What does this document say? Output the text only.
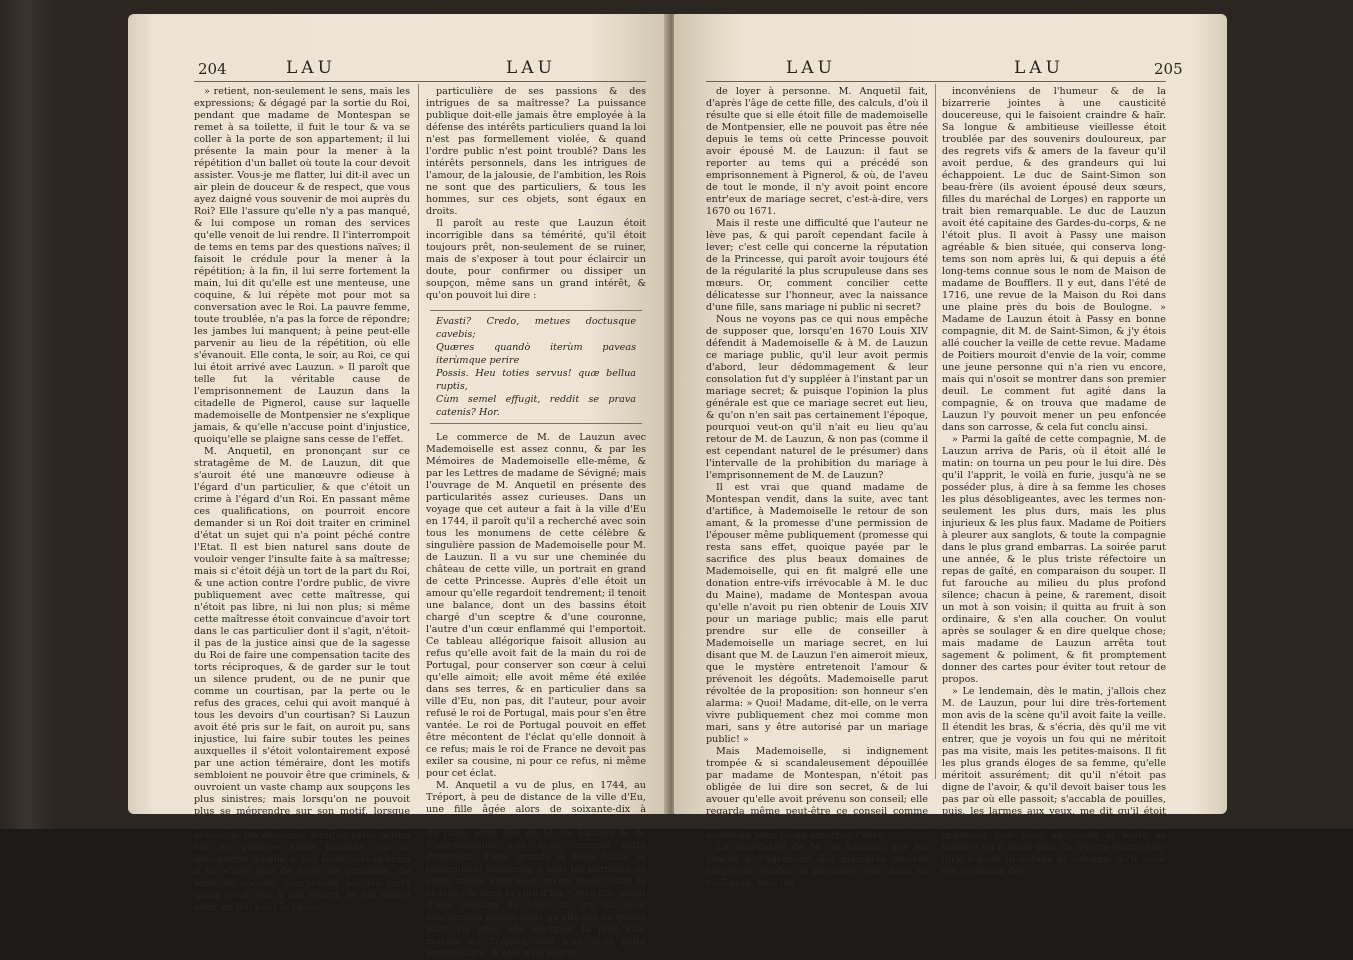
204	LAU	LAU

» retient, non-seulement le sens, mais les expressions; & dégagé par la sortie du Roi, pendant que madame de Montespan se remet à sa toilette, il fuit le tour & va se coller à la porte de son appartement; il lui présente la main pour la mener à la répétition d'un ballet où toute la cour devoit assister. Vous-je me flatter, lui dit-il avec un air plein de douceur & de respect, que vous ayez daigné vous souvenir de moi auprès du Roi? Elle l'assure qu'elle n'y a pas manqué, & lui compose un roman des services qu'elle venoit de lui rendre. Il l'interrompoit de tems en tems par des questions naïves; il faisoit le crédule pour la mener à la répétition; à la fin, il lui serre fortement la main, lui dit qu'elle est une menteuse, une coquine, & lui répète mot pour mot sa conversation avec le Roi. La pauvre femme, toute troublée, n'a pas la force de répondre; les jambes lui manquent; à peine peut-elle parvenir au lieu de la répétition, où elle s'évanouit. Elle conta, le soir, au Roi, ce qui lui étoit arrivé avec Lauzun. » Il paroît que telle fut la véritable cause de l'emprisonnement de Lauzun dans la citadelle de Pignerol, cause sur laquelle mademoiselle de Montpensier ne s'explique jamais, & qu'elle n'accuse point d'injustice, quoiqu'elle se plaigne sans cesse de l'effet.

M. Anquetil, en prononçant sur ce stratagême de M. de Lauzun, dit que s'auroit été une manœuvre odieuse à l'égard d'un particulier, & que c'étoit un crime à l'égard d'un Roi. En passant même ces qualifications, on pourroit encore demander si un Roi doit traiter en criminel d'état un sujet qui n'a point péché contre l'Etat. Il est bien naturel sans doute de vouloir venger l'insulte faite à sa maîtresse; mais si c'étoit déjà un tort de la part du Roi, & une action contre l'ordre public, de vivre publiquement avec cette maîtresse, qui n'étoit pas libre, ni lui non plus; si même cette maîtresse étoit convaincue d'avoir tort dans le cas particulier dont il s'agit, n'étoit-il pas de la justice ainsi que de la sagesse du Roi de faire une compensation tacite des torts réciproques, & de garder sur le tout un silence prudent, ou de ne punir que comme un courtisan, par la perte ou le refus des graces, celui qui avoit manqué à tous les devoirs d'un courtisan? Si Lauzun avoit été pris sur le fait, on auroit pu, sans injustice, lui faire subir toutes les peines auxquelles il s'étoit volontairement exposé par une action téméraire, dont les motifs sembloient ne pouvoir être que criminels, & ouvroient un vaste champ aux soupçons les plus sinistres; mais lorsqu'on ne pouvoit plus se méprendre sur son motif, lorsque c'est par lui-seul qu'on apprend, & son action, & les desseins, lorsque cette action est en quelque sorte justifiée par la découverte qu'elle a fait faire, lorsqu'enfin il ne s'agit que de torts de procédés, de torts de société, compensés par les torts qu'on avoit eus à son égard, le Roi doit-il sévir en Roi pour la cause

particulière de ses passions & des intrigues de sa maîtresse? La puissance publique doit-elle jamais être employée à la défense des intérêts particuliers quand la loi n'est pas formellement violée, & quand l'ordre public n'est point troublé? Dans les intérêts personnels, dans les intrigues de l'amour, de la jalousie, de l'ambition, les Rois ne sont que des particuliers, & tous les hommes, sur ces objets, sont égaux en droits.

Il paroît au reste que Lauzun étoit incorrigible dans sa témérité, qu'il étoit toujours prêt, non-seulement de se ruiner, mais de s'exposer à tout pour éclaircir un doute, pour confirmer ou dissiper un soupçon, même sans un grand intérêt, & qu'on pouvoit lui dire :

Evasti? Credo, metues doctusque cavebis;
Quæres quandò iterùm paveas iterùmque perire
Possis. Heu toties servus! quæ bellua ruptis,
Cùm semel effugit, reddit se prava catenis? Hor.

Le commerce de M. de Lauzun avec Mademoiselle est assez connu, & par les Mémoires de Mademoiselle elle-même, & par les Lettres de madame de Sévigné; mais l'ouvrage de M. Anquetil en présente des particularités assez curieuses. Dans un voyage que cet auteur a fait à la ville d'Eu en 1744, il paroît qu'il a recherché avec soin tous les monumens de cette célèbre & singulière passion de Mademoiselle pour M. de Lauzun. Il a vu sur une cheminée du château de cette ville, un portrait en grand de cette Princesse. Auprès d'elle étoit un amour qu'elle regardoit tendrement; il tenoit une balance, dont un des bassins étoit chargé d'un sceptre & d'une couronne, l'autre d'un cœur enflammé qui l'emportoit. Ce tableau allégorique faisoit allusion au refus qu'elle avoit fait de la main du roi de Portugal, pour conserver son cœur à celui qu'elle aimoit; elle avoit même été exilée dans ses terres, & en particulier dans sa ville d'Eu, non pas, dit l'auteur, pour avoir refusé le roi de Portugal, mais pour s'en être vantée. Le roi de Portugal pouvoit en effet être mécontent de l'éclat qu'elle donnoit à ce refus; mais le roi de France ne devoit pas exiler sa cousine, ni pour ce refus, ni même pour cet éclat.

M. Anquetil a vu de plus, en 1744, au Tréport, à peu de distance de la ville d'Eu, une fille âgée alors de soixante-dix à soixante-quinze ans, & qui, selon la tradition du pays, étoit fille de M. de Lauzun & de Mademoiselle; elle étoit, comme cette Princesse, d'une grande & belle taille, & ressembloit beaucoup à tous les portraits de cette même Princesse, qu'on voyoit dans le château & dans la ville d'Eu. Cette fille vivoit d'une pension de 1500 liv. qui lui étoit exactement payée, sans qu'elle sût de quelle part. De plus, elle occupoit la plus jolie maison du Tréport; elle n'en étoit point propriétaire, & elle n'en payoit

LAU	LAU	205

de loyer à personne. M. Anquetil fait, d'après l'âge de cette fille, des calculs, d'où il résulte que si elle étoit fille de mademoiselle de Montpensier, elle ne pouvoit pas être née depuis le tems où cette Princesse pouvoit avoir épousé M. de Lauzun: il faut se reporter au tems qui a précédé son emprisonnement à Pignerol, & où, de l'aveu de tout le monde, il n'y avoit point encore entr'eux de mariage secret, c'est-à-dire, vers 1670 ou 1671.

Mais il reste une difficulté que l'auteur ne lève pas, & qui paroît cependant facile à lever; c'est celle qui concerne la réputation de la Princesse, qui paroît avoir toujours été de la régularité la plus scrupuleuse dans ses mœurs. Or, comment concilier cette délicatesse sur l'honneur, avec la naissance d'une fille, sans mariage ni public ni secret?

Nous ne voyons pas ce qui nous empêche de supposer que, lorsqu'en 1670 Louis XIV défendit à Mademoiselle & à M. de Lauzun ce mariage public, qu'il leur avoit permis d'abord, leur dédommagement & leur consolation fut d'y suppléer à l'instant par un mariage secret; & puisque l'opinion la plus générale est que ce mariage secret eut lieu, & qu'on n'en sait pas certainement l'époque, pourquoi veut-on qu'il n'ait eu lieu qu'au retour de M. de Lauzun, & non pas (comme il est cependant naturel de le présumer) dans l'intervalle de la prohibition du mariage à l'emprisonnement de M. de Lauzun?

Il est vrai que quand madame de Montespan vendit, dans la suite, avec tant d'artifice, à Mademoiselle le retour de son amant, & la promesse d'une permission de l'épouser même publiquement (promesse qui resta sans effet, quoique payée par le sacrifice des plus beaux domaines de Mademoiselle, qui en fit malgré elle une donation entre-vifs irrévocable à M. le duc du Maine), madame de Montespan avoua qu'elle n'avoit pu rien obtenir de Louis XIV pour un mariage public; mais elle parut prendre sur elle de conseiller à Mademoiselle un mariage secret, en lui disant que M. de Lauzun l'en aimeroit mieux, que le mystère entretenoit l'amour & prévenoit les dégoûts. Mademoiselle parut révoltée de la proposition: son honneur s'en alarma: » Quoi! Madame, dit-elle, on le verra vivre publiquement chez moi comme mon mari, sans y être autorisé par un mariage public! »

Mais Mademoiselle, si indignement trompée & si scandaleusement dépouillée par madame de Montespan, n'étoit pas obligée de lui dire son secret, & de lui avouer qu'elle avoit prévenu son conseil; elle regarda même peut-être ce conseil comme un piége qu'on lui tendoit, pour pénétrer son secret ou pour lui en arracher l'aveu.

La singularité de M. de Lauzun, que les graces & l'agrément des manières avoient long-tems rendue si piquante, eut, dans sa vieillesse, tous les

inconvéniens de l'humeur & de la bizarrerie jointes à une causticité doucereuse, qui le faisoient craindre & haïr. Sa longue & ambitieuse vieillesse étoit troublée par des souvenirs douloureux, par des regrets vifs & amers de la faveur qu'il avoit perdue, & des grandeurs qui lui échappoient. Le duc de Saint-Simon son beau-frère (ils avoient épousé deux sœurs, filles du maréchal de Lorges) en rapporte un trait bien remarquable. Le duc de Lauzun avoit été capitaine des Gardes-du-corps, & ne l'étoit plus. Il avoit à Passy une maison agréable & bien située, qui conserva long-tems son nom après lui, & qui depuis a été long-tems connue sous le nom de Maison de madame de Boufflers. Il y eut, dans l'été de 1716, une revue de la Maison du Roi dans une plaine près du bois de Boulogne. » Madame de Lauzun étoit à Passy en bonne compagnie, dit M. de Saint-Simon, & j'y étois allé coucher la veille de cette revue. Madame de Poitiers mouroit d'envie de la voir, comme une jeune personne qui n'a rien vu encore, mais qui n'osoit se montrer dans son premier deuil. Le comment fut agité dans la compagnie, & on trouva que madame de Lauzun l'y pouvoit mener un peu enfoncée dans son carrosse, & cela fut conclu ainsi.

» Parmi la gaîté de cette compagnie, M. de Lauzun arriva de Paris, où il étoit allé le matin: on tourna un peu pour le lui dire. Dès qu'il l'apprit, le voilà en furie, jusqu'à ne se posséder plus, à dire à sa femme les choses les plus désobligeantes, avec les termes non-seulement les plus durs, mais les plus injurieux & les plus faux. Madame de Poitiers à pleurer aux sanglots, & toute la compagnie dans le plus grand embarras. La soirée parut une année, & le plus triste réfectoire un repas de gaîté, en comparaison du souper. Il fut farouche au milieu du plus profond silence; chacun à peine, & rarement, disoit un mot à son voisin; il quitta au fruit à son ordinaire, & s'en alla coucher. On voulut après se soulager & en dire quelque chose; mais madame de Lauzun arrêta tout sagement & poliment, & fit promptement donner des cartes pour éviter tout retour de propos.

» Le lendemain, dès le matin, j'allois chez M. de Lauzun, pour lui dire très-fortement mon avis de la scène qu'il avoit faite la veille. Il étendit les bras, & s'écria, dès qu'il me vit entrer, que je voyois un fou qui ne méritoit pas ma visite, mais les petites-maisons. Il fit les plus grands éloges de sa femme, qu'elle méritoit assurément; dit qu'il n'étoit pas digne de l'avoir, & qu'il devoit baiser tous les pas par où elle passoit; s'accabla de pouilles, puis, les larmes aux yeux, me dit qu'il étoit plus digne de pitié que de colère; qu'il falloit m'avouer tout haut sa honte & toute sa misère; qu'il avoit plus de quatre-vingts ans; qu'il n'avoit ni enfans ni suivans; qu'il avoit été capitaine des
